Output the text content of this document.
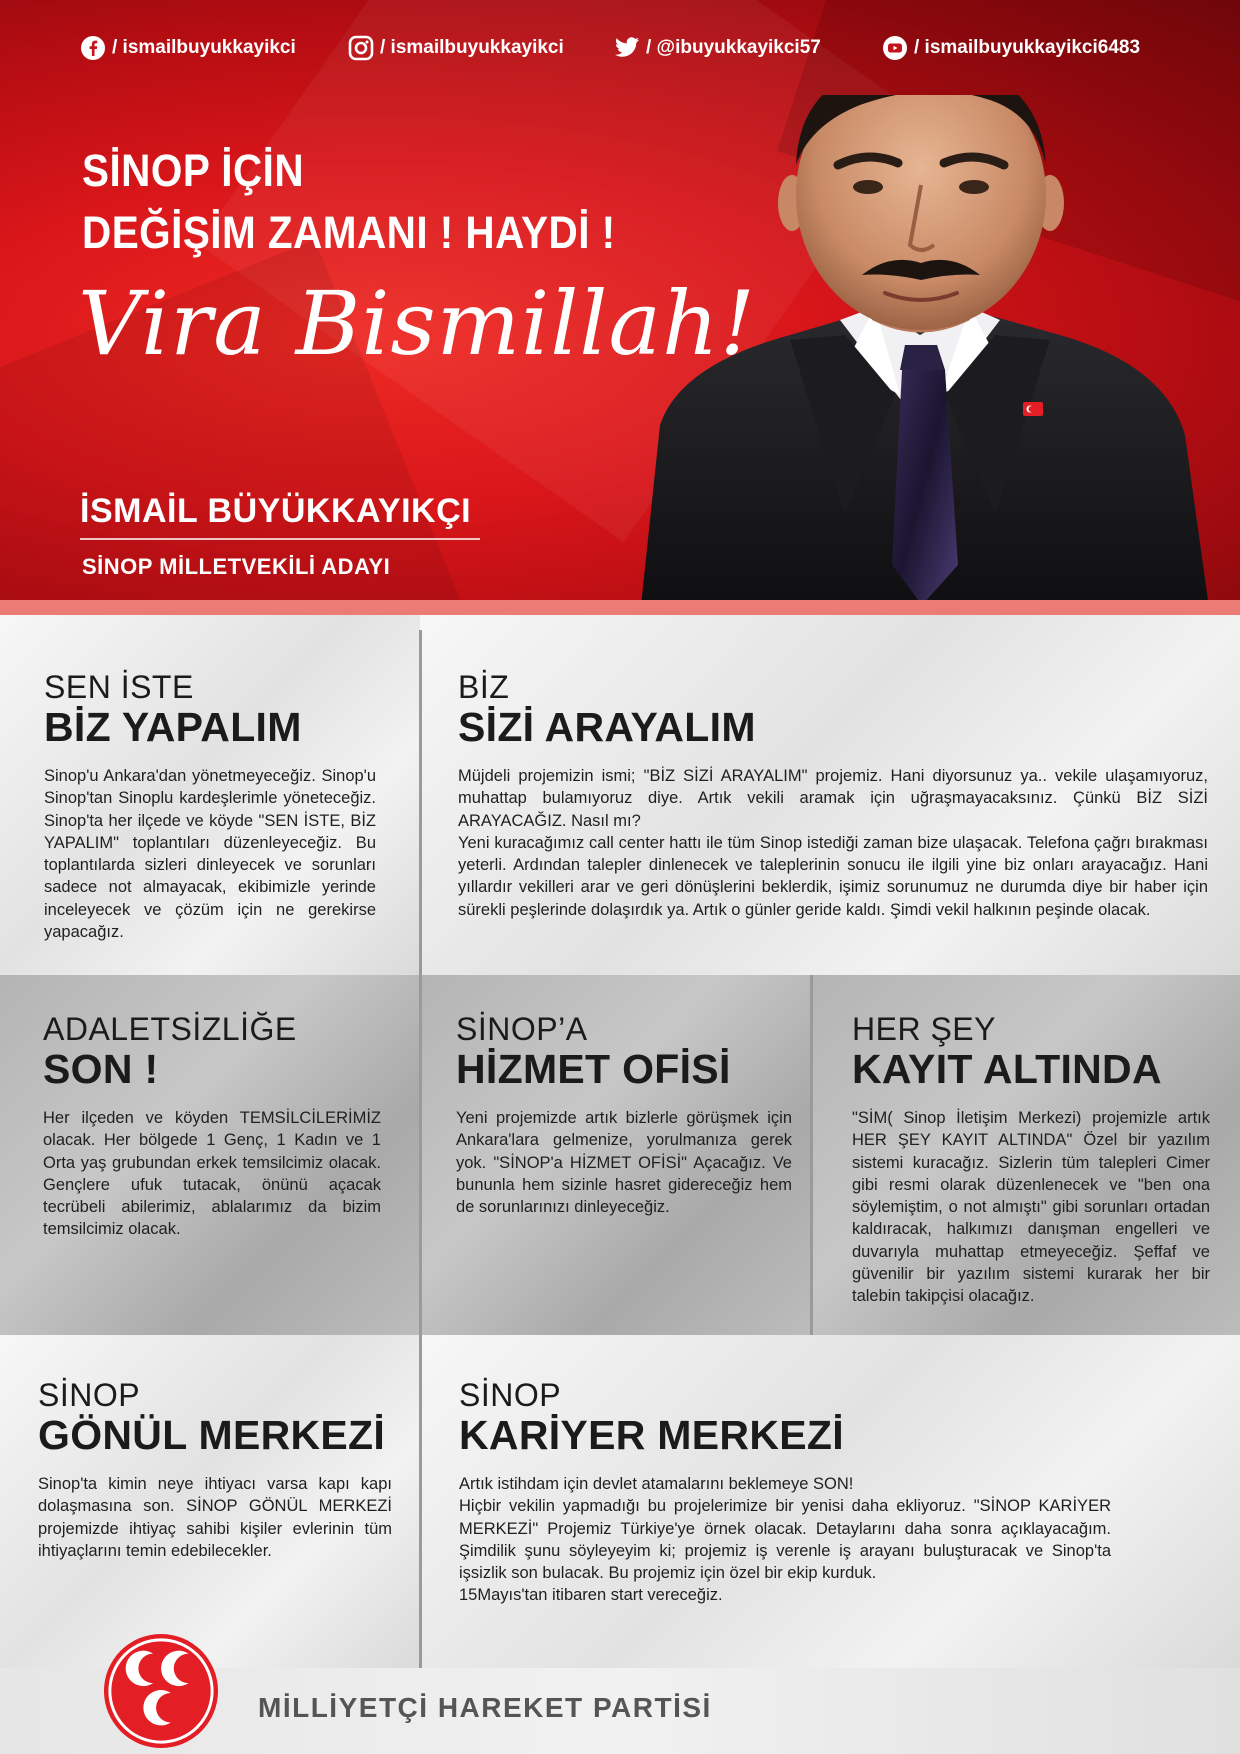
/ ismailbuyukkayikci	/ ismailbuyukkayikci	/ @ibuyukkayikci57	/ ismailbuyukkayikci6483
SİNOP İÇİN
DEĞİŞİM ZAMANI ! HAYDİ !
Vira Bismillah!
İSMAİL BÜYÜKKAYIKÇI
SİNOP MİLLETVEKİLİ ADAYI
SEN İSTE
BİZ YAPALIM
Sinop'u Ankara'dan yönetmeyeceğiz. Sinop'u Sinop'tan Sinoplu kardeşlerimle yöneteceğiz. Sinop'ta her ilçede ve köyde "SEN İSTE, BİZ YAPALIM" toplantıları düzenleyeceğiz. Bu toplantılarda sizleri dinleyecek ve sorunları sadece not almayacak, ekibimizle yerinde inceleyecek ve çözüm için ne gerekirse yapacağız.
BİZ
SİZİ ARAYALIM
Müjdeli projemizin ismi; "BİZ SİZİ ARAYALIM" projemiz. Hani diyorsunuz ya.. vekile ulaşamıyoruz, muhattap bulamıyoruz diye. Artık vekili aramak için uğraşmayacaksınız. Çünkü BİZ SİZİ ARAYACAĞIZ. Nasıl mı?
Yeni kuracağımız call center hattı ile tüm Sinop istediği zaman bize ulaşacak. Telefona çağrı bırakması yeterli. Ardından talepler dinlenecek ve taleplerinin sonucu ile ilgili yine biz onları arayacağız. Hani yıllardır vekilleri arar ve geri dönüşlerini beklerdik, işimiz sorunumuz ne durumda diye bir haber için sürekli peşlerinde dolaşırdık ya. Artık o günler geride kaldı. Şimdi vekil halkının peşinde olacak.
ADALETSİZLİĞE
SON !
Her ilçeden ve köyden TEMSİLCİLERİMİZ olacak. Her bölgede 1 Genç, 1 Kadın ve 1 Orta yaş grubundan erkek temsilcimiz olacak. Gençlere ufuk tutacak, önünü açacak tecrübeli abilerimiz, ablalarımız da bizim temsilcimiz olacak.
SİNOP’A
HİZMET OFİSİ
Yeni projemizde artık bizlerle görüşmek için Ankara'lara gelmenize, yorulmanıza gerek yok. "SİNOP'a HİZMET OFİSİ" Açacağız. Ve bununla hem sizinle hasret gidereceğiz hem de sorunlarınızı dinleyeceğiz.
HER ŞEY
KAYIT ALTINDA
"SİM( Sinop İletişim Merkezi) projemizle artık HER ŞEY KAYIT ALTINDA" Özel bir yazılım sistemi kuracağız. Sizlerin tüm talepleri Cimer gibi resmi olarak düzenlenecek ve "ben ona söylemiştim, o not almıştı" gibi sorunları ortadan kaldıracak, halkımızı danışman engelleri ve duvarıyla muhattap etmeyeceğiz. Şeffaf ve güvenilir bir yazılım sistemi kurarak her bir talebin takipçisi olacağız.
SİNOP
GÖNÜL MERKEZİ
Sinop'ta kimin neye ihtiyacı varsa kapı kapı dolaşmasına son. SİNOP GÖNÜL MERKEZİ projemizde ihtiyaç sahibi kişiler evlerinin tüm ihtiyaçlarını temin edebilecekler.
SİNOP
KARİYER MERKEZİ
Artık istihdam için devlet atamalarını beklemeye SON!
Hiçbir vekilin yapmadığı bu projelerimize bir yenisi daha ekliyoruz. "SİNOP KARİYER MERKEZİ" Projemiz Türkiye'ye örnek olacak. Detaylarını daha sonra açıklayacağım. Şimdilik şunu söyleyeyim ki; projemiz iş verenle iş arayanı buluşturacak ve Sinop'ta işsizlik son bulacak. Bu projemiz için özel bir ekip kurduk.
15Mayıs'tan itibaren start vereceğiz.
MİLLİYETÇİ HAREKET PARTİSİ
